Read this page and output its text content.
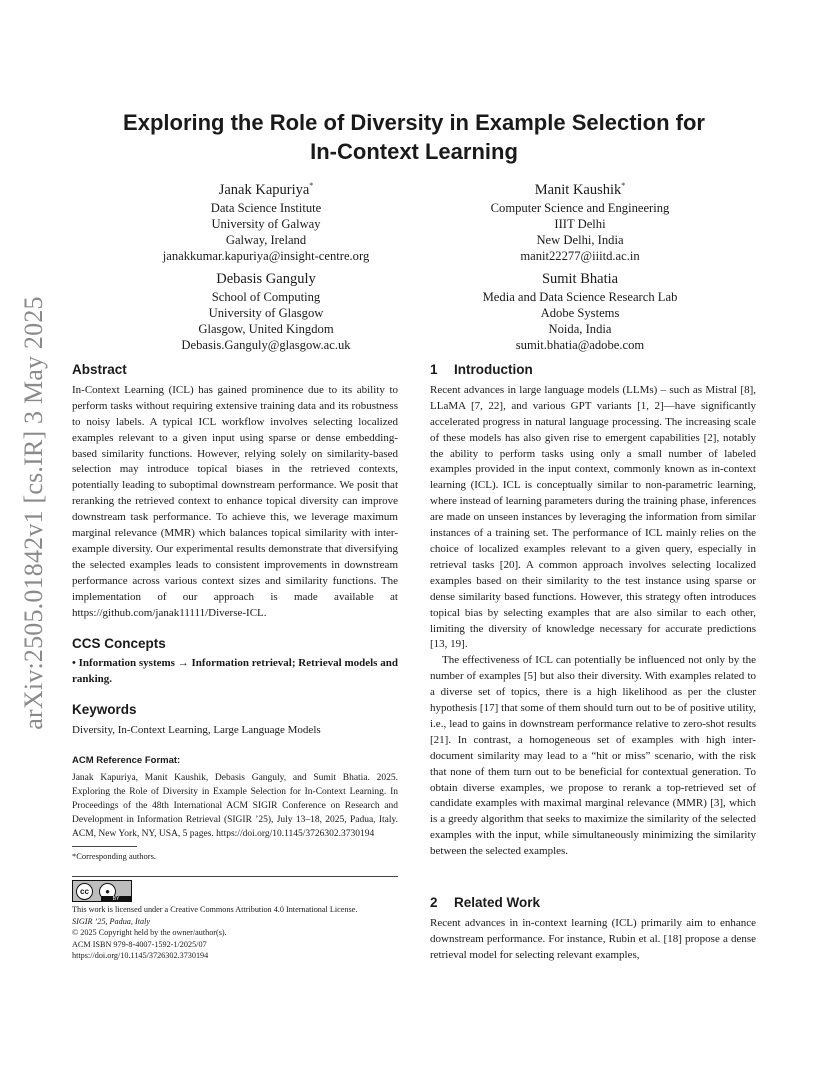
arXiv:2505.01842v1 [cs.IR] 3 May 2025
Exploring the Role of Diversity in Example Selection for
In-Context Learning
Janak Kapuriya*
Data Science Institute
University of Galway
Galway, Ireland
janakkumar.kapuriya@insight-centre.org
Manit Kaushik*
Computer Science and Engineering
IIIT Delhi
New Delhi, India
manit22277@iiitd.ac.in
Debasis Ganguly
School of Computing
University of Glasgow
Glasgow, United Kingdom
Debasis.Ganguly@glasgow.ac.uk
Sumit Bhatia
Media and Data Science Research Lab
Adobe Systems
Noida, India
sumit.bhatia@adobe.com
Abstract

In-Context Learning (ICL) has gained prominence due to its ability to perform tasks without requiring extensive training data and its robustness to noisy labels. A typical ICL workflow involves selecting localized examples relevant to a given input using sparse or dense embedding-based similarity functions. However, relying solely on similarity-based selection may introduce topical biases in the retrieved contexts, potentially leading to suboptimal downstream performance. We posit that reranking the retrieved context to enhance topical diversity can improve downstream task performance. To achieve this, we leverage maximum marginal relevance (MMR) which balances topical similarity with inter-example diversity. Our experimental results demonstrate that diversifying the selected examples leads to consistent improvements in downstream performance across various context sizes and similarity functions. The implementation of our approach is made available at https://github.com/janak11111/Diverse-ICL.

CCS Concepts

• Information systems → Information retrieval; Retrieval models and ranking.

Keywords

Diversity, In-Context Learning, Large Language Models

ACM Reference Format:
Janak Kapuriya, Manit Kaushik, Debasis Ganguly, and Sumit Bhatia. 2025. Exploring the Role of Diversity in Example Selection for In-Context Learning. In Proceedings of the 48th International ACM SIGIR Conference on Research and Development in Information Retrieval (SIGIR ’25), July 13–18, 2025, Padua, Italy. ACM, New York, NY, USA, 5 pages. https://doi.org/10.1145/3726302.3730194
*Corresponding authors.
cc	●
BY
This work is licensed under a Creative Commons Attribution 4.0 International License.
SIGIR ’25, Padua, Italy
© 2025 Copyright held by the owner/author(s).
ACM ISBN 979-8-4007-1592-1/2025/07
https://doi.org/10.1145/3726302.3730194
1 Introduction

Recent advances in large language models (LLMs) – such as Mistral [8], LLaMA [7, 22], and various GPT variants [1, 2]—have significantly accelerated progress in natural language processing. The increasing scale of these models has also given rise to emergent capabilities [2], notably the ability to perform tasks using only a small number of labeled examples provided in the input context, commonly known as in-context learning (ICL). ICL is conceptually similar to non-parametric learning, where instead of learning parameters during the training phase, inferences are made on unseen instances by leveraging the information from similar instances of a training set. The performance of ICL mainly relies on the choice of localized examples relevant to a given query, especially in retrieval tasks [20]. A common approach involves selecting localized examples based on their similarity to the test instance using sparse or dense similarity based functions. However, this strategy often introduces topical bias by selecting examples that are also similar to each other, limiting the diversity of knowledge necessary for accurate predictions [13, 19].

The effectiveness of ICL can potentially be influenced not only by the number of examples [5] but also their diversity. With examples related to a diverse set of topics, there is a high likelihood as per the cluster hypothesis [17] that some of them should turn out to be of positive utility, i.e., lead to gains in downstream performance relative to zero-shot results [21]. In contrast, a homogeneous set of examples with high inter-document similarity may lead to a “hit or miss” scenario, with the risk that none of them turn out to be beneficial for contextual generation. To obtain diverse examples, we propose to rerank a top-retrieved set of candidate examples with maximal marginal relevance (MMR) [3], which is a greedy algorithm that seeks to maximize the similarity of the selected examples with the input, while simultaneously minimizing the similarity between the selected examples.

2 Related Work

Recent advances in in-context learning (ICL) primarily aim to enhance downstream performance. For instance, Rubin et al. [18] propose a dense retrieval model for selecting relevant examples,
